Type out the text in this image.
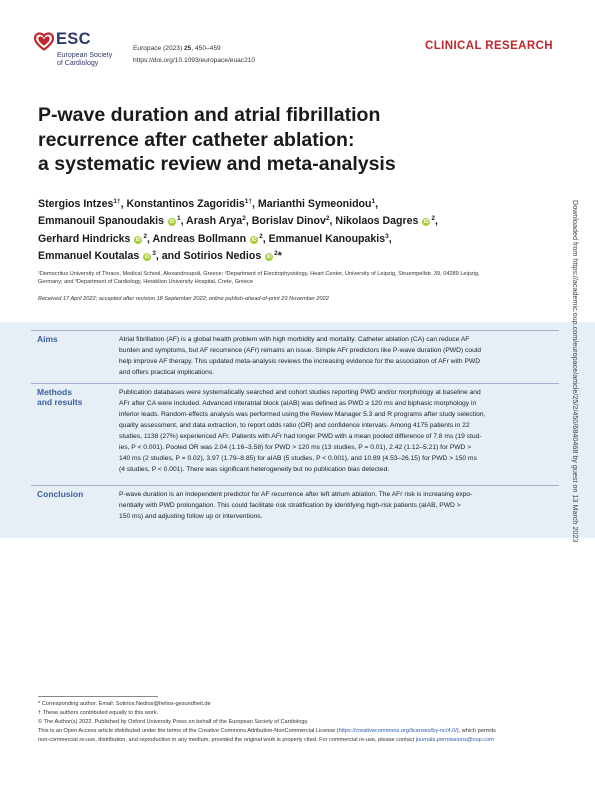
ESC
European Society
of Cardiology
Europace (2023) 25, 450–459
https://doi.org/10.1093/europace/euac210
CLINICAL RESEARCH
P-wave duration and atrial fibrillation
recurrence after catheter ablation:
a systematic review and meta-analysis
Stergios Intzes$^{1\dagger}$, Konstantinos Zagoridis$^{1\dagger}$, Marianthi Symeonidou$^1$,
Emmanouil Spanoudakis iD $^1$, Arash Arya$^2$, Borislav Dinov$^2$, Nikolaos Dagres iD $^2$,
Gerhard Hindricks iD $^2$, Andreas Bollmann iD $^2$, Emmanuel Kanoupakis$^3$,
Emmanuel Koutalas iD $^3$, and Sotirios Nedios iD $^2$*
¹Democritus University of Thrace, Medical School, Alexandroupoli, Greece; ²Department of Electrophysiology, Heart Center, University of Leipzig, Struempellstr. 39, 04289 Leipzig,
Germany; and ³Department of Cardiology, Heraklion University Hospital, Crete, Greece
Received 17 April 2022; accepted after revision 18 September 2022; online publish-ahead-of-print 23 November 2022
Aims	Atrial fibrillation (AF) is a global health problem with high morbidity and mortality. Catheter ablation (CA) can reduce AF
burden and symptoms, but AF recurrence (AFr) remains an issue. Simple AFr predictors like P-wave duration (PWD) could
help improve AF therapy. This updated meta-analysis reviews the increasing evidence for the association of AFr with PWD
and offers practical implications.
Methods
and results
Publication databases were systematically searched and cohort studies reporting PWD and/or morphology at baseline and
AFr after CA were included. Advanced interatrial block (aIAB) was defined as PWD ≥ 120 ms and biphasic morphology in
inferior leads. Random-effects analysis was performed using the Review Manager 5.3 and R programs after study selection,
quality assessment, and data extraction, to report odds ratio (OR) and confidence intervals. Among 4175 patients in 22
studies, 1138 (27%) experienced AFr. Patients with AFr had longer PWD with a mean pooled difference of 7.8 ms (19 stud-
ies, P < 0.001). Pooled OR was 2.04 (1.16–3.58) for PWD > 120 ms (13 studies, P = 0.01), 2.42 (1.12–5.21) for PWD >
140 ms (2 studies, P = 0.02), 3.97 (1.79–8.85) for aIAB (5 studies, P < 0.001), and 10.89 (4.53–26.15) for PWD > 150 ms
(4 studies, P < 0.001). There was significant heterogeneity but no publication bias detected.
Conclusion	P-wave duration is an independent predictor for AF recurrence after left atrium ablation. The AFr risk is increasing expo-
nentially with PWD prolongation. This could facilitate risk stratification by identifying high-risk patients (aIAB, PWD >
150 ms) and adjusting follow up or interventions.	Downloaded from https://academic.oup.com/europace/article/25/2/450/6840468 by guest on 13 March 2023
* Corresponding author. Email: Sotirios.Nedios@helios-gesundheit.de
† These authors contributed equally to this work.
© The Author(s) 2022. Published by Oxford University Press on behalf of the European Society of Cardiology.
This is an Open Access article distributed under the terms of the Creative Commons Attribution-NonCommercial License (https://creativecommons.org/licenses/by-nc/4.0/), which permits
non-commercial re-use, distribution, and reproduction in any medium, provided the original work is properly cited. For commercial re-use, please contact journals.permissions@oup.com
